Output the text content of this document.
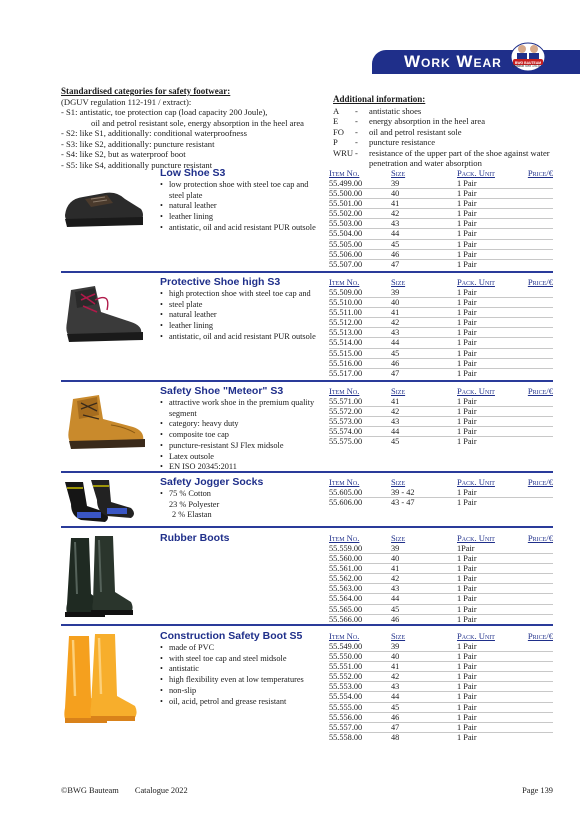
Work Wear	BWG BAUTEAM
Qualitat Seit 1915
Standardised categories for safety footwear:
(DGUV regulation 112-191 / extract):
- S1: antistatic, toe protection cap (load capacity 200 Joule),
oil and petrol resistant sole, energy absorption in the heel area
- S2: like S1, additionally: conditional waterproofness
- S3: like S2, additionally: puncture resistant
- S4: like S2, but as waterproof boot
- S5: like S4, additionally puncture resistant
Additional information:
A	-	antistatic shoes
E	-	energy absorption in the heel area
FO	-	oil and petrol resistant sole
P	-	puncture resistance
WRU -	resistance of the upper part of the shoe against water penetration and water absorption
Low Shoe S3
• low protection shoe with steel toe cap and
steel plate
• natural leather
• leather lining
• antistatic, oil and acid resistant PUR outsole
Item No.	Size	Pack. Unit	Price/€
55.499.00	39	1 Pair
55.500.00	40	1 Pair
55.501.00	41	1 Pair
55.502.00	42	1 Pair
55.503.00	43	1 Pair
55.504.00	44	1 Pair
55.505.00	45	1 Pair
55.506.00	46	1 Pair
55.507.00	47	1 Pair
Protective Shoe high S3
• high protection shoe with steel toe cap and
• steel plate
• natural leather
• leather lining
• antistatic, oil and acid resistant PUR outsole
Item No.	Size	Pack. Unit	Price/€
55.509.00	39	1 Pair
55.510.00	40	1 Pair
55.511.00	41	1 Pair
55.512.00	42	1 Pair
55.513.00	43	1 Pair
55.514.00	44	1 Pair
55.515.00	45	1 Pair
55.516.00	46	1 Pair
55.517.00	47	1 Pair
Safety Shoe "Meteor" S3
• attractive work shoe in the premium quality
segment
• category: heavy duty
• composite toe cap
• puncture-resistant SJ Flex midsole
• Latex outsole
• EN ISO 20345:2011
Item No.	Size	Pack. Unit	Price/€
55.571.00	41	1 Pair
55.572.00	42	1 Pair
55.573.00	43	1 Pair
55.574.00	44	1 Pair
55.575.00	45	1 Pair
Safety Jogger Socks
• 75 % Cotton
23 % Polyester
2 % Elastan
Item No.	Size	Pack. Unit	Price/€
55.605.00	39 - 42	1 Pair
55.606.00	43 - 47	1 Pair
Rubber Boots	Item No.	Size	Pack. Unit	Price/€
55.559.00	39	1Pair
55.560.00	40	1 Pair
55.561.00	41	1 Pair
55.562.00	42	1 Pair
55.563.00	43	1 Pair
55.564.00	44	1 Pair
55.565.00	45	1 Pair
55.566.00	46	1 Pair
Construction Safety Boot S5
• made of PVC
• with steel toe cap and steel midsole
• antistatic
• high flexibility even at low temperatures
• non-slip
• oil, acid, petrol and grease resistant
Item No.	Size	Pack. Unit	Price/€
55.549.00	39	1 Pair
55.550.00	40	1 Pair
55.551.00	41	1 Pair
55.552.00	42	1 Pair
55.553.00	43	1 Pair
55.554.00	44	1 Pair
55.555.00	45	1 Pair
55.556.00	46	1 Pair
55.557.00	47	1 Pair
55.558.00	48	1 Pair
©BWG Bauteam Catalogue 2022	Page 139
